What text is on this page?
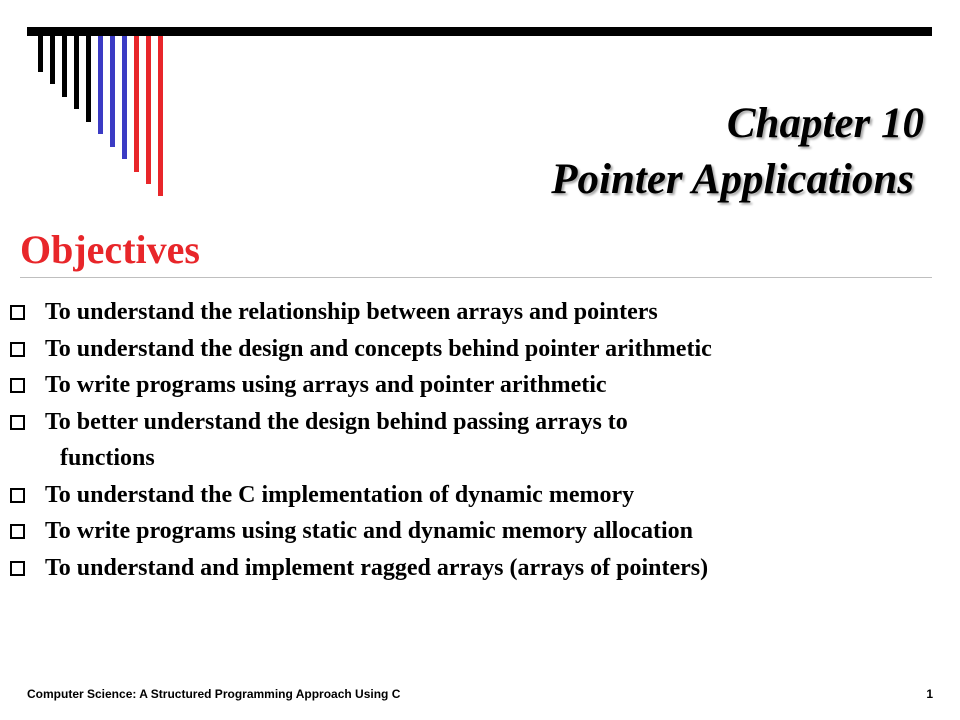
Chapter 10
Pointer Applications
Objectives
To understand the relationship between arrays and pointers
To understand the design and concepts behind pointer arithmetic
To write programs using arrays and pointer arithmetic
To better understand the design behind passing arrays to
functions
To understand the C implementation of dynamic memory
To write programs using static and dynamic memory allocation
To understand and implement ragged arrays (arrays of pointers)
Computer Science: A Structured Programming Approach Using C	1
